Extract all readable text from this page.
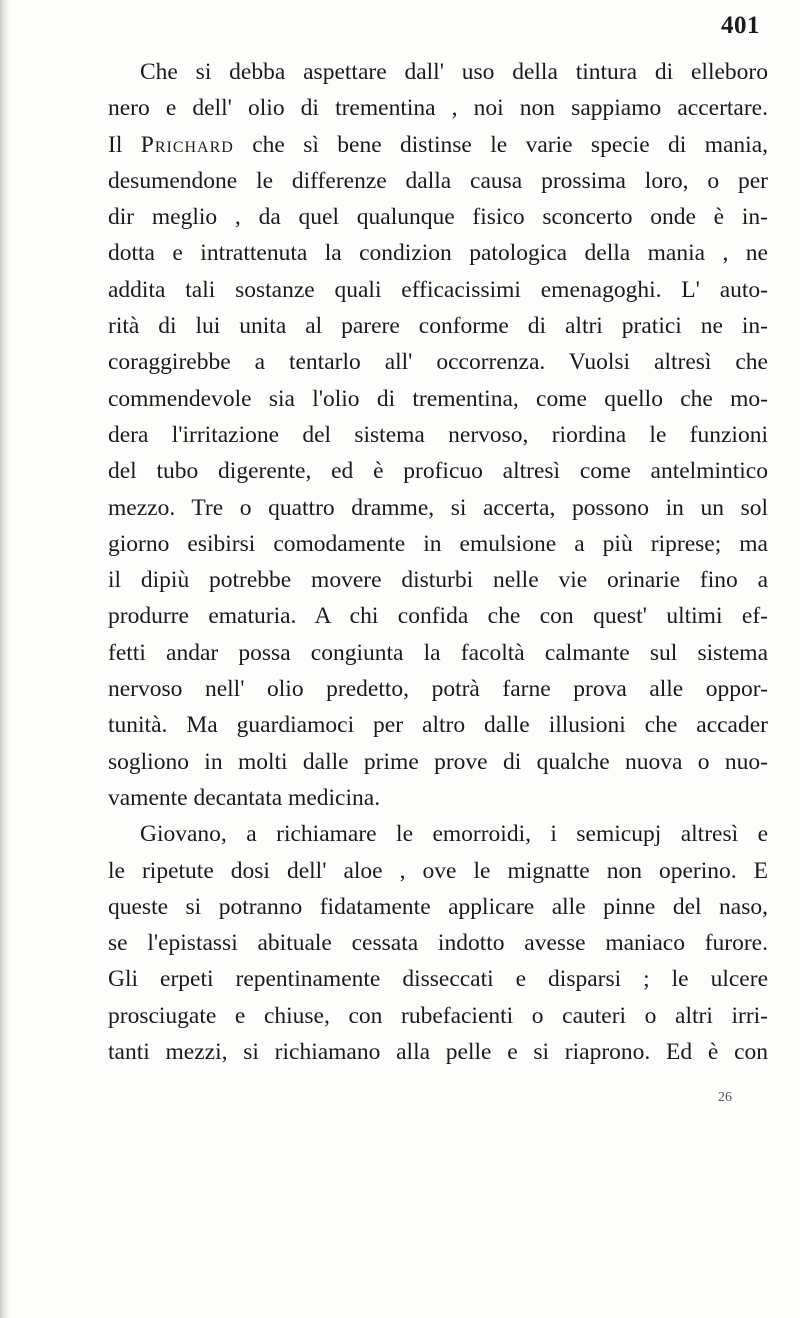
401
Che si debba aspettare dall' uso della tintura di elleboro
nero e dell' olio di trementina , noi non sappiamo accertare.
Il Prichard che sì bene distinse le varie specie di mania,
desumendone le differenze dalla causa prossima loro, o per
dir meglio , da quel qualunque fisico sconcerto onde è in-
dotta e intrattenuta la condizion patologica della mania , ne
addita tali sostanze quali efficacissimi emenagoghi. L' auto-
rità di lui unita al parere conforme di altri pratici ne in-
coraggirebbe a tentarlo all' occorrenza. Vuolsi altresì che
commendevole sia l'olio di trementina, come quello che mo-
dera l'irritazione del sistema nervoso, riordina le funzioni
del tubo digerente, ed è proficuo altresì come antelmintico
mezzo. Tre o quattro dramme, si accerta, possono in un sol
giorno esibirsi comodamente in emulsione a più riprese; ma
il dipiù potrebbe movere disturbi nelle vie orinarie fino a
produrre ematuria. A chi confida che con quest' ultimi ef-
fetti andar possa congiunta la facoltà calmante sul sistema
nervoso nell' olio predetto, potrà farne prova alle oppor-
tunità. Ma guardiamoci per altro dalle illusioni che accader
sogliono in molti dalle prime prove di qualche nuova o nuo-
vamente decantata medicina.
Giovano, a richiamare le emorroidi, i semicupj altresì e
le ripetute dosi dell' aloe , ove le mignatte non operino. E
queste si potranno fidatamente applicare alle pinne del naso,
se l'epistassi abituale cessata indotto avesse maniaco furore.
Gli erpeti repentinamente disseccati e disparsi ; le ulcere
prosciugate e chiuse, con rubefacienti o cauteri o altri irri-
tanti mezzi, si richiamano alla pelle e si riaprono. Ed è con
26
